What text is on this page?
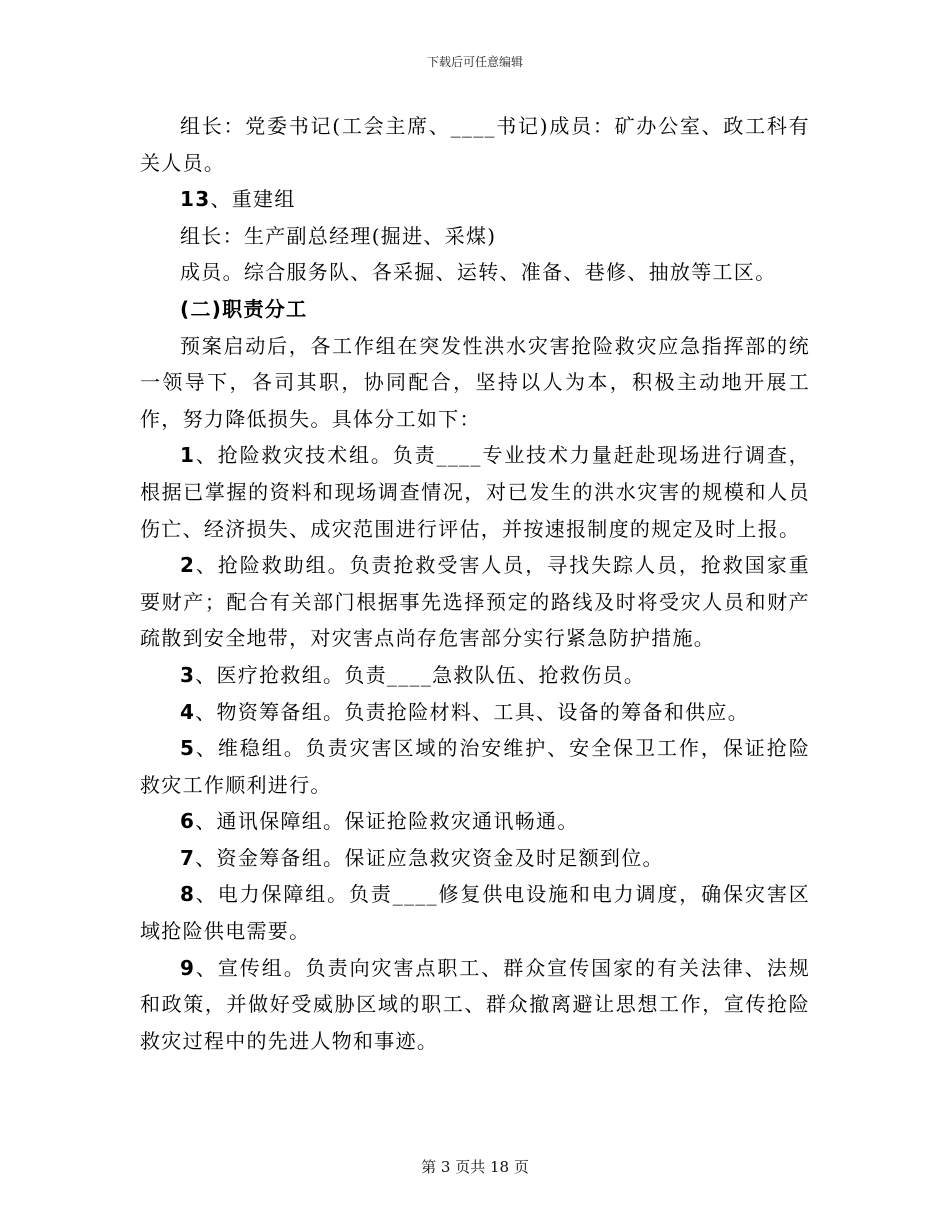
下载后可任意编辑

组长：党委书记(工会主席、____书记)成员：矿办公室、政工科有关人员。

13、重建组

组长：生产副总经理(掘进、采煤)

成员。综合服务队、各采掘、运转、准备、巷修、抽放等工区。

(二)职责分工

预案启动后，各工作组在突发性洪水灾害抢险救灾应急指挥部的统一领导下，各司其职，协同配合，坚持以人为本，积极主动地开展工作，努力降低损失。具体分工如下：

1、抢险救灾技术组。负责____专业技术力量赶赴现场进行调查，根据已掌握的资料和现场调查情况，对已发生的洪水灾害的规模和人员伤亡、经济损失、成灾范围进行评估，并按速报制度的规定及时上报。

2、抢险救助组。负责抢救受害人员，寻找失踪人员，抢救国家重要财产；配合有关部门根据事先选择预定的路线及时将受灾人员和财产疏散到安全地带，对灾害点尚存危害部分实行紧急防护措施。

3、医疗抢救组。负责____急救队伍、抢救伤员。

4、物资筹备组。负责抢险材料、工具、设备的筹备和供应。

5、维稳组。负责灾害区域的治安维护、安全保卫工作，保证抢险救灾工作顺利进行。

6、通讯保障组。保证抢险救灾通讯畅通。

7、资金筹备组。保证应急救灾资金及时足额到位。

8、电力保障组。负责____修复供电设施和电力调度，确保灾害区域抢险供电需要。

9、宣传组。负责向灾害点职工、群众宣传国家的有关法律、法规和政策，并做好受威胁区域的职工、群众撤离避让思想工作，宣传抢险救灾过程中的先进人物和事迹。

第 3 页共 18 页
